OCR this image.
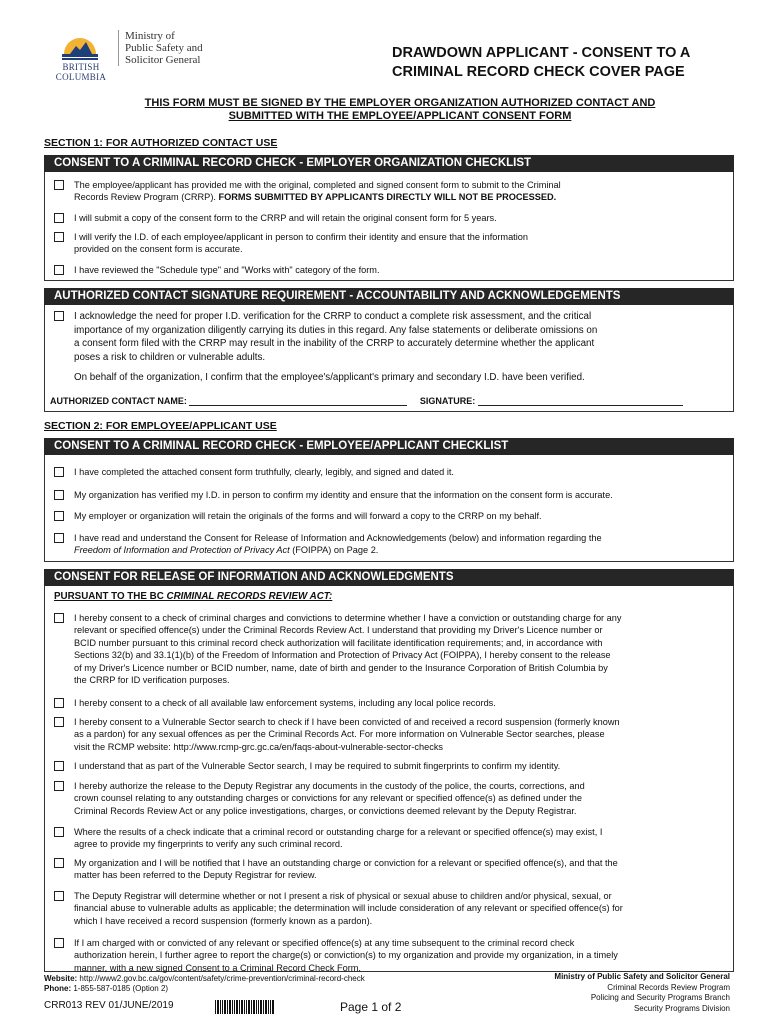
BRITISH
COLUMBIA
Ministry of
Public Safety and
Solicitor General	DRAWDOWN APPLICANT - CONSENT TO A
CRIMINAL RECORD CHECK COVER PAGE
THIS FORM MUST BE SIGNED BY THE EMPLOYER ORGANIZATION AUTHORIZED CONTACT AND
SUBMITTED WITH THE EMPLOYEE/APPLICANT CONSENT FORM
SECTION 1: FOR AUTHORIZED CONTACT USE
CONSENT TO A CRIMINAL RECORD CHECK - EMPLOYER ORGANIZATION CHECKLIST
The employee/applicant has provided me with the original, completed and signed consent form to submit to the Criminal
Records Review Program (CRRP). FORMS SUBMITTED BY APPLICANTS DIRECTLY WILL NOT BE PROCESSED.
I will submit a copy of the consent form to the CRRP and will retain the original consent form for 5 years.
I will verify the I.D. of each employee/applicant in person to confirm their identity and ensure that the information
provided on the consent form is accurate.
I have reviewed the "Schedule type" and "Works with" category of the form.
AUTHORIZED CONTACT SIGNATURE REQUIREMENT - ACCOUNTABILITY AND ACKNOWLEDGEMENTS
I acknowledge the need for proper I.D. verification for the CRRP to conduct a complete risk assessment, and the critical
importance of my organization diligently carrying its duties in this regard. Any false statements or deliberate omissions on
a consent form filed with the CRRP may result in the inability of the CRRP to accurately determine whether the applicant
poses a risk to children or vulnerable adults.
On behalf of the organization, I confirm that the employee's/applicant's primary and secondary I.D. have been verified.
AUTHORIZED CONTACT NAME:	SIGNATURE:
SECTION 2: FOR EMPLOYEE/APPLICANT USE
CONSENT TO A CRIMINAL RECORD CHECK - EMPLOYEE/APPLICANT CHECKLIST
I have completed the attached consent form truthfully, clearly, legibly, and signed and dated it.
My organization has verified my I.D. in person to confirm my identity and ensure that the information on the consent form is accurate.
My employer or organization will retain the originals of the forms and will forward a copy to the CRRP on my behalf.
I have read and understand the Consent for Release of Information and Acknowledgements (below) and information regarding the
Freedom of Information and Protection of Privacy Act (FOIPPA) on Page 2.
CONSENT FOR RELEASE OF INFORMATION AND ACKNOWLEDGMENTS
PURSUANT TO THE BC CRIMINAL RECORDS REVIEW ACT:
I hereby consent to a check of criminal charges and convictions to determine whether I have a conviction or outstanding charge for any
relevant or specified offence(s) under the Criminal Records Review Act. I understand that providing my Driver's Licence number or
BCID number pursuant to this criminal record check authorization will facilitate identification requirements; and, in accordance with
Sections 32(b) and 33.1(1)(b) of the Freedom of Information and Protection of Privacy Act (FOIPPA), I hereby consent to the release
of my Driver's Licence number or BCID number, name, date of birth and gender to the Insurance Corporation of British Columbia by
the CRRP for ID verification purposes.
I hereby consent to a check of all available law enforcement systems, including any local police records.
I hereby consent to a Vulnerable Sector search to check if I have been convicted of and received a record suspension (formerly known
as a pardon) for any sexual offences as per the Criminal Records Act. For more information on Vulnerable Sector searches, please
visit the RCMP website: http://www.rcmp-grc.gc.ca/en/faqs-about-vulnerable-sector-checks
I understand that as part of the Vulnerable Sector search, I may be required to submit fingerprints to confirm my identity.
I hereby authorize the release to the Deputy Registrar any documents in the custody of the police, the courts, corrections, and
crown counsel relating to any outstanding charges or convictions for any relevant or specified offence(s) as defined under the
Criminal Records Review Act or any police investigations, charges, or convictions deemed relevant by the Deputy Registrar.
Where the results of a check indicate that a criminal record or outstanding charge for a relevant or specified offence(s) may exist, I
agree to provide my fingerprints to verify any such criminal record.
My organization and I will be notified that I have an outstanding charge or conviction for a relevant or specified offence(s), and that the
matter has been referred to the Deputy Registrar for review.
The Deputy Registrar will determine whether or not I present a risk of physical or sexual abuse to children and/or physical, sexual, or
financial abuse to vulnerable adults as applicable; the determination will include consideration of any relevant or specified offence(s) for
which I have received a record suspension (formerly known as a pardon).
If I am charged with or convicted of any relevant or specified offence(s) at any time subsequent to the criminal record check
authorization herein, I further agree to report the charge(s) or conviction(s) to my organization and provide my organization, in a timely
manner, with a new signed Consent to a Criminal Record Check Form.
Website: http://www2.gov.bc.ca/gov/content/safety/crime-prevention/criminal-record-check
Phone: 1-855-587-0185 (Option 2)
CRR013 REV 01/JUNE/2019	Page 1 of 2
Ministry of Public Safety and Solicitor General
Criminal Records Review Program
Policing and Security Programs Branch
Security Programs Division
